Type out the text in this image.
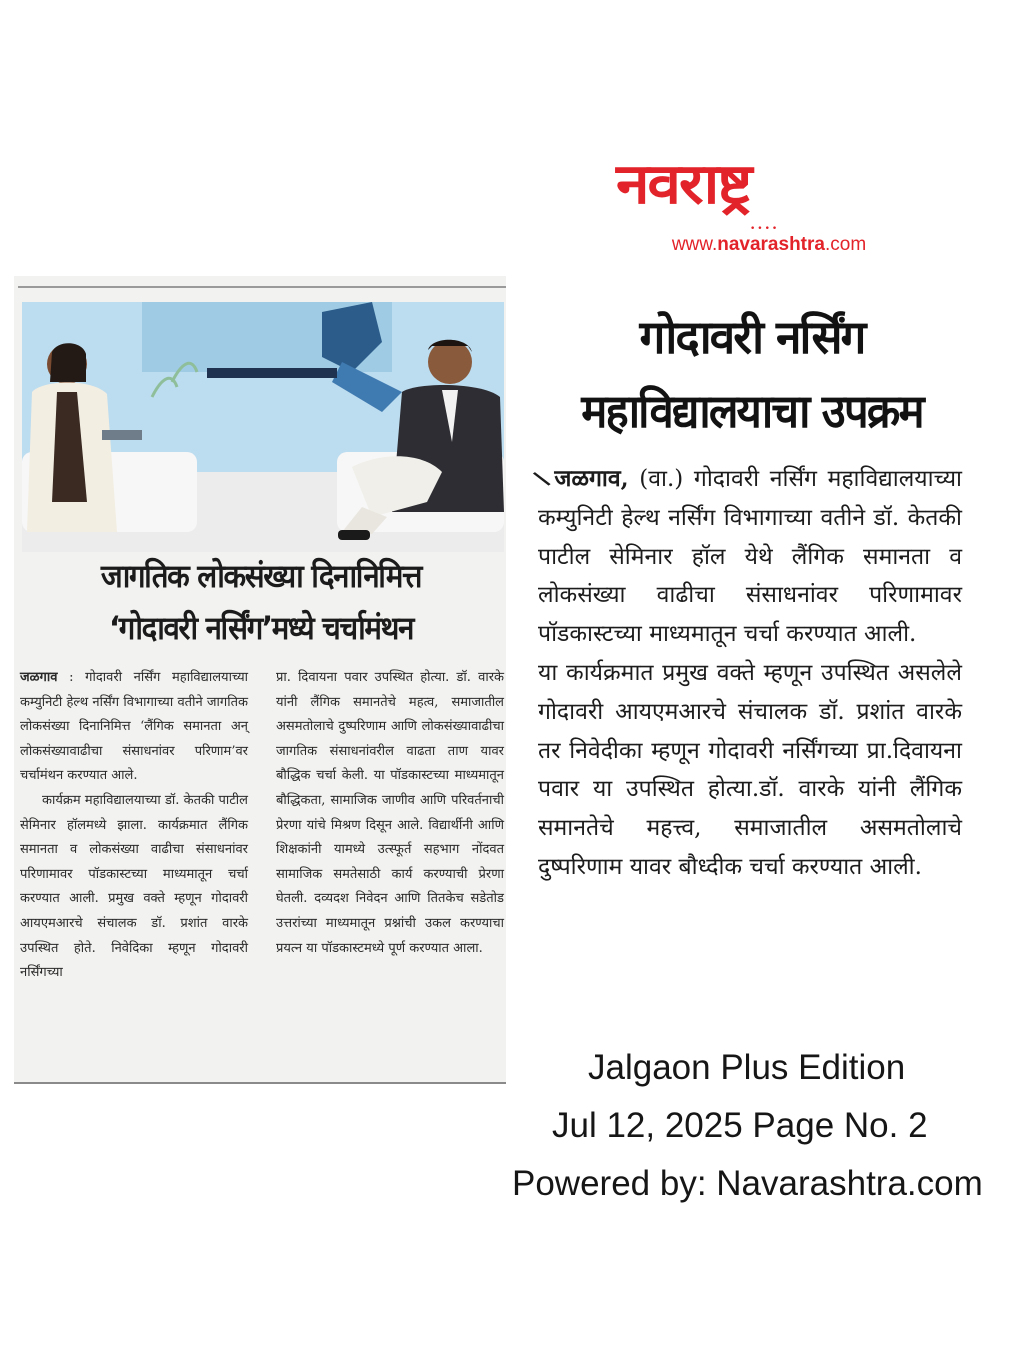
जागतिक लोकसंख्या दिनानिमित्त
‘गोदावरी नर्सिंग’मध्ये चर्चामंथन

जळगाव : गोदावरी नर्सिंग महाविद्यालयाच्या कम्युनिटी हेल्थ नर्सिंग विभागाच्या वतीने जागतिक लोकसंख्या दिनानिमित्त ‘लैंगिक समानता अन् लोकसंख्यावाढीचा संसाधनांवर परिणाम’वर चर्चामंथन करण्यात आले.

कार्यक्रम महाविद्यालयाच्या डॉ. केतकी पाटील सेमिनार हॉलमध्ये झाला. कार्यक्रमात लैंगिक समानता व लोकसंख्या वाढीचा संसाधनांवर परिणामावर पॉडकास्टच्या माध्यमातून चर्चा करण्यात आली. प्रमुख वक्ते म्हणून गोदावरी आयएमआरचे संचालक डॉ. प्रशांत वारके उपस्थित होते. निवेदिका म्हणून गोदावरी नर्सिंगच्या

प्रा. दिवायना पवार उपस्थित होत्या. डॉ. वारके यांनी लैंगिक समानतेचे महत्व, समाजातील असमतोलाचे दुष्परिणाम आणि लोकसंख्यावाढीचा जागतिक संसाधनांवरील वाढता ताण यावर बौद्धिक चर्चा केली. या पॉडकास्टच्या माध्यमातून बौद्धिकता, सामाजिक जाणीव आणि परिवर्तनाची प्रेरणा यांचे मिश्रण दिसून आले. विद्यार्थीनी आणि शिक्षकांनी यामध्ये उत्स्फूर्त सहभाग नोंदवत सामाजिक समतेसाठी कार्य करण्याची प्रेरणा घेतली. दव्यदश निवेदन आणि तितकेच सडेतोड उत्तरांच्या माध्यमातून प्रश्नांची उकल करण्याचा प्रयत्न या पॉडकास्टमध्ये पूर्ण करण्यात आला.

नवराष्ट्र
••••
www.navarashtra.com
गोदावरी नर्सिंग
महाविद्यालयाचा उपक्रम

\जळगाव, (वा.) गोदावरी नर्सिंग महाविद्यालयाच्या कम्युनिटी हेल्थ नर्सिंग विभागाच्या वतीने डॉ. केतकी पाटील सेमिनार हॉल येथे लैंगिक समानता व लोकसंख्या वाढीचा संसाधनांवर परिणामावर पॉडकास्टच्या माध्यमातून चर्चा करण्यात आली.

या कार्यक्रमात प्रमुख वक्ते म्हणून उपस्थित असलेले गोदावरी आयएमआरचे संचालक डॉ. प्रशांत वारके तर निवेदीका म्हणून गोदावरी नर्सिंगच्या प्रा.दिवायना पवार या उपस्थित होत्या.डॉ. वारके यांनी लैंगिक समानतेचे महत्त्व, समाजातील असमतोलाचे दुष्परिणाम यावर बौध्दीक चर्चा करण्यात आली.

Jalgaon Plus Edition
Jul 12, 2025 Page No. 2
Powered by: Navarashtra.com
